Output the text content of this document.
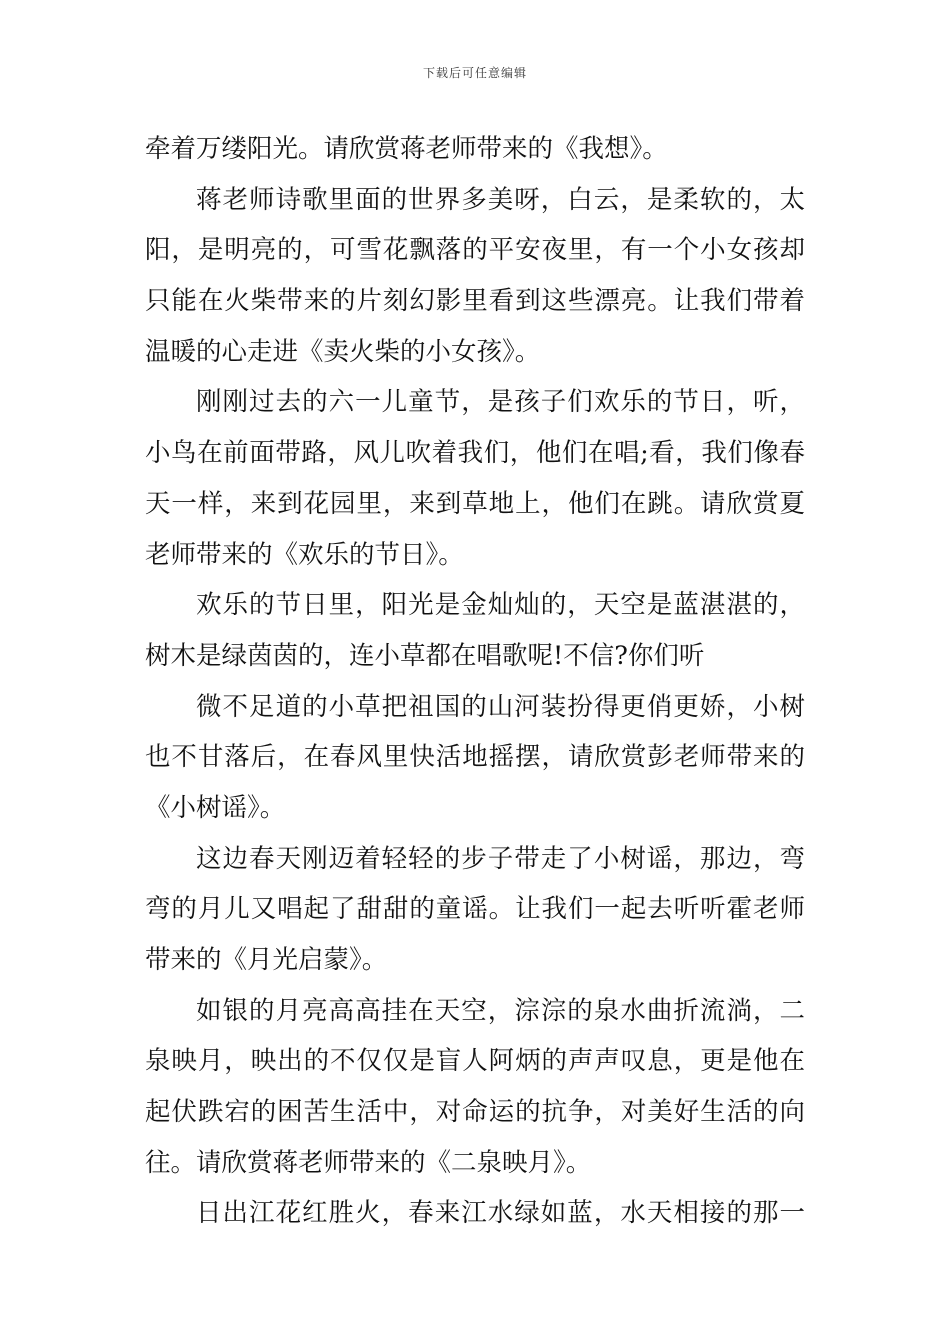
下载后可任意编辑
牵着万缕阳光。请欣赏蒋老师带来的《我想》。
蒋老师诗歌里面的世界多美呀，白云，是柔软的，太
阳，是明亮的，可雪花飘落的平安夜里，有一个小女孩却
只能在火柴带来的片刻幻影里看到这些漂亮。让我们带着
温暖的心走进《卖火柴的小女孩》。
刚刚过去的六一儿童节，是孩子们欢乐的节日，听，
小鸟在前面带路，风儿吹着我们，他们在唱;看，我们像春
天一样，来到花园里，来到草地上，他们在跳。请欣赏夏
老师带来的《欢乐的节日》。
欢乐的节日里，阳光是金灿灿的，天空是蓝湛湛的，
树木是绿茵茵的，连小草都在唱歌呢!不信?你们听
微不足道的小草把祖国的山河装扮得更俏更娇，小树
也不甘落后，在春风里快活地摇摆，请欣赏彭老师带来的
《小树谣》。
这边春天刚迈着轻轻的步子带走了小树谣，那边，弯
弯的月儿又唱起了甜甜的童谣。让我们一起去听听霍老师
带来的《月光启蒙》。
如银的月亮高高挂在天空，淙淙的泉水曲折流淌，二
泉映月，映出的不仅仅是盲人阿炳的声声叹息，更是他在
起伏跌宕的困苦生活中，对命运的抗争，对美好生活的向
往。请欣赏蒋老师带来的《二泉映月》。
日出江花红胜火，春来江水绿如蓝，水天相接的那一
